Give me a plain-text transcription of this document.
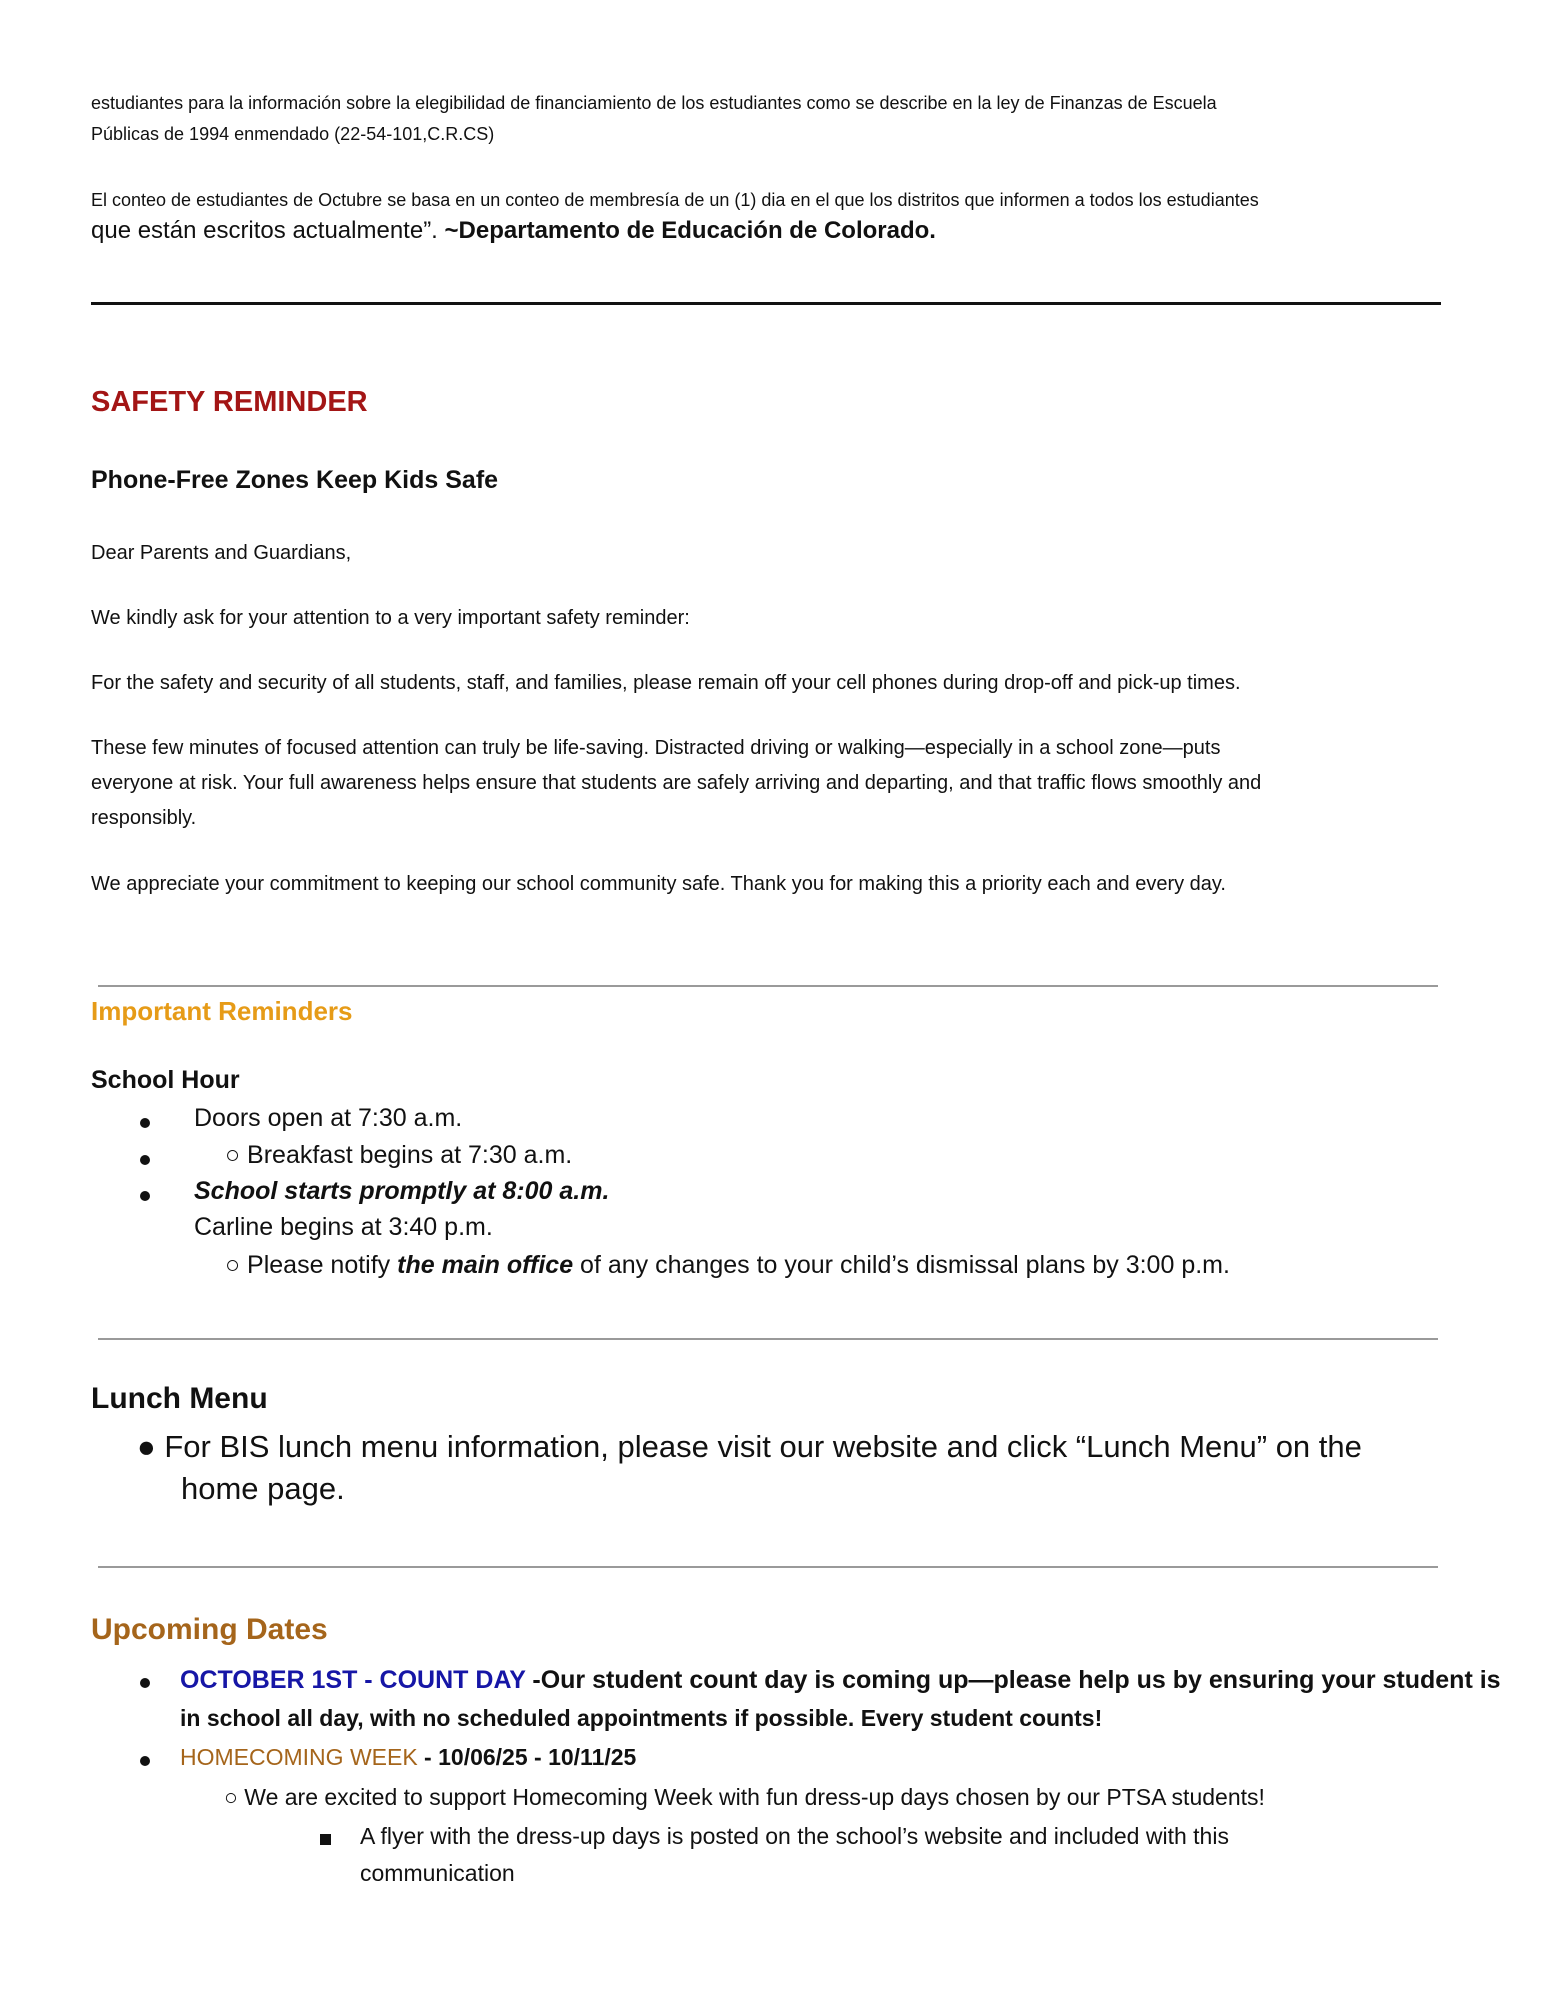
estudiantes para la información sobre la elegibilidad de financiamiento de los estudiantes como se describe en la ley de Finanzas de Escuela
Públicas de 1994 enmendado (22-54-101,C.R.CS)
El conteo de estudiantes de Octubre se basa en un conteo de membresía de un (1) dia en el que los distritos que informen a todos los estudiantes
que están escritos actualmente”. ~Departamento de Educación de Colorado.
SAFETY REMINDER
Phone-Free Zones Keep Kids Safe
Dear Parents and Guardians,
We kindly ask for your attention to a very important safety reminder:
For the safety and security of all students, staff, and families, please remain off your cell phones during drop-off and pick-up times.
These few minutes of focused attention can truly be life-saving. Distracted driving or walking—especially in a school zone—puts
everyone at risk. Your full awareness helps ensure that students are safely arriving and departing, and that traffic flows smoothly and
responsibly.
We appreciate your commitment to keeping our school community safe. Thank you for making this a priority each and every day.
Important Reminders
School Hour
Doors open at 7:30 a.m.
○ Breakfast begins at 7:30 a.m.
School starts promptly at 8:00 a.m.
Carline begins at 3:40 p.m.
○ Please notify the main office of any changes to your child’s dismissal plans by 3:00 p.m.
Lunch Menu
● For BIS lunch menu information, please visit our website and click “Lunch Menu” on the
home page.
Upcoming Dates
OCTOBER 1ST - COUNT DAY -Our student count day is coming up—please help us by ensuring your student is
in school all day, with no scheduled appointments if possible. Every student counts!
HOMECOMING WEEK - 10/06/25 - 10/11/25
○ We are excited to support Homecoming Week with fun dress-up days chosen by our PTSA students!
A flyer with the dress-up days is posted on the school’s website and included with this
communication
